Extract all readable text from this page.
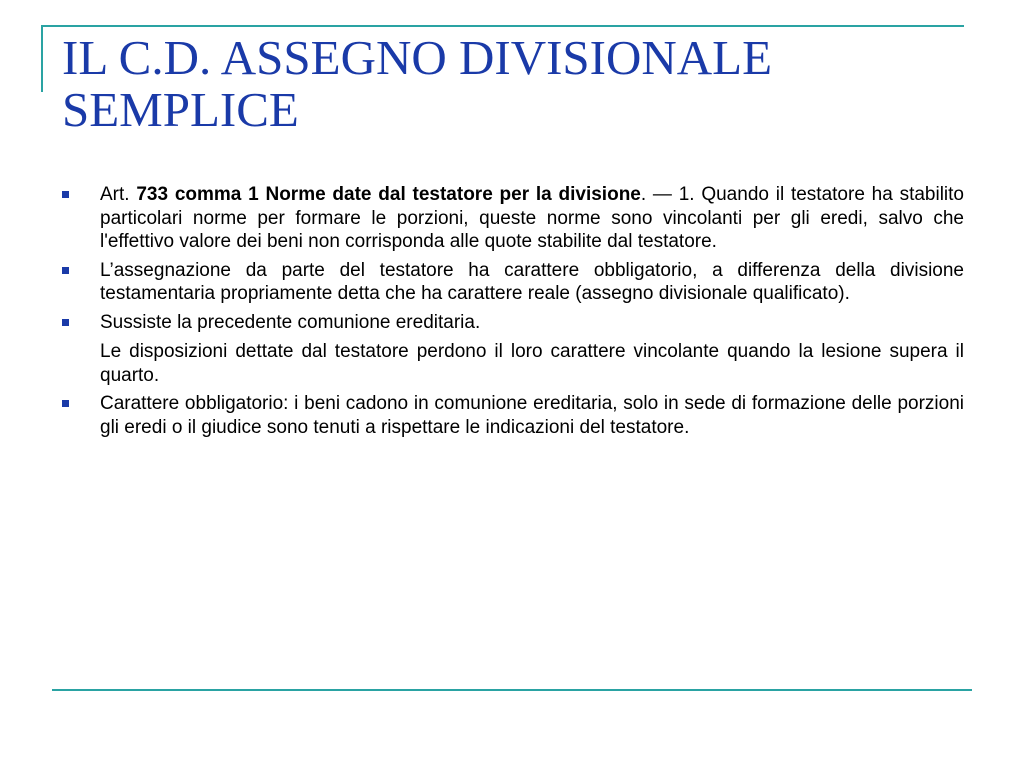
IL C.D. ASSEGNO DIVISIONALE SEMPLICE
Art. 733 comma 1 Norme date dal testatore per la divisione. — 1. Quando il testatore ha stabilito particolari norme per formare le porzioni, queste norme sono vincolanti per gli eredi, salvo che l'effettivo valore dei beni non corrisponda alle quote stabilite dal testatore.
L’assegnazione da parte del testatore ha carattere obbligatorio, a differenza della divisione testamentaria propriamente detta che ha carattere reale (assegno divisionale qualificato).
Sussiste la precedente comunione ereditaria.
Le disposizioni dettate dal testatore perdono il loro carattere vincolante quando la lesione supera il quarto.
Carattere obbligatorio: i beni cadono in comunione ereditaria, solo in sede di formazione delle porzioni gli eredi o il giudice sono tenuti a rispettare le indicazioni del testatore.
